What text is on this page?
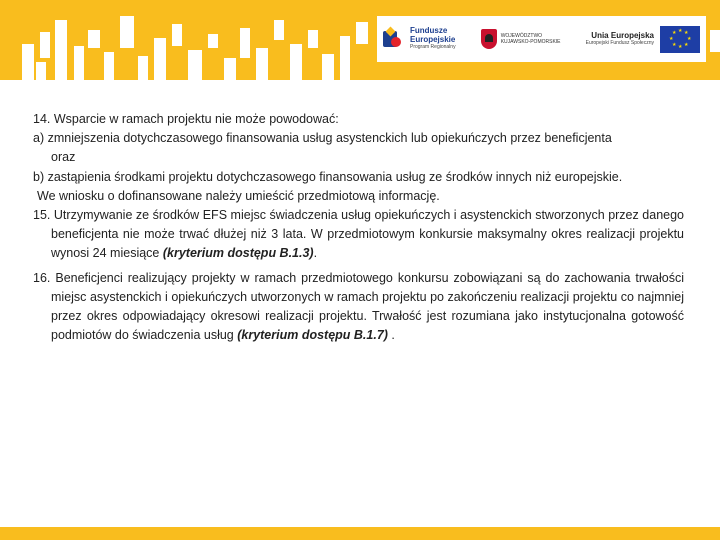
Fundusze
Europejskie
Program Regionalny
WOJEWÓDZTWO
KUJAWSKO-POMORSKIE
Unia Europejska
Europejski Fundusz Społeczny
★ ★
★
★
★
★
★
★

14. Wsparcie w ramach projektu nie może powodować:

a) zmniejszenia dotychczasowego finansowania usług asystenckich lub opiekuńczych przez beneficjenta

oraz

b) zastąpienia środkami projektu dotychczasowego finansowania usług ze środków innych niż europejskie.

We wniosku o dofinansowane należy umieścić przedmiotową informację.

15. Utrzymywanie ze środków EFS miejsc świadczenia usług opiekuńczych i asystenckich stworzonych przez danego beneficjenta nie może trwać dłużej niż 3 lata. W przedmiotowym konkursie maksymalny okres realizacji projektu wynosi 24 miesiące (kryterium dostępu B.1.3).

16. Beneficjenci realizujący projekty w ramach przedmiotowego konkursu zobowiązani są do zachowania trwałości miejsc asystenckich i opiekuńczych utworzonych w ramach projektu po zakończeniu realizacji projektu co najmniej przez okres odpowiadający okresowi realizacji projektu. Trwałość jest rozumiana jako instytucjonalna gotowość podmiotów do świadczenia usług (kryterium dostępu B.1.7) .
